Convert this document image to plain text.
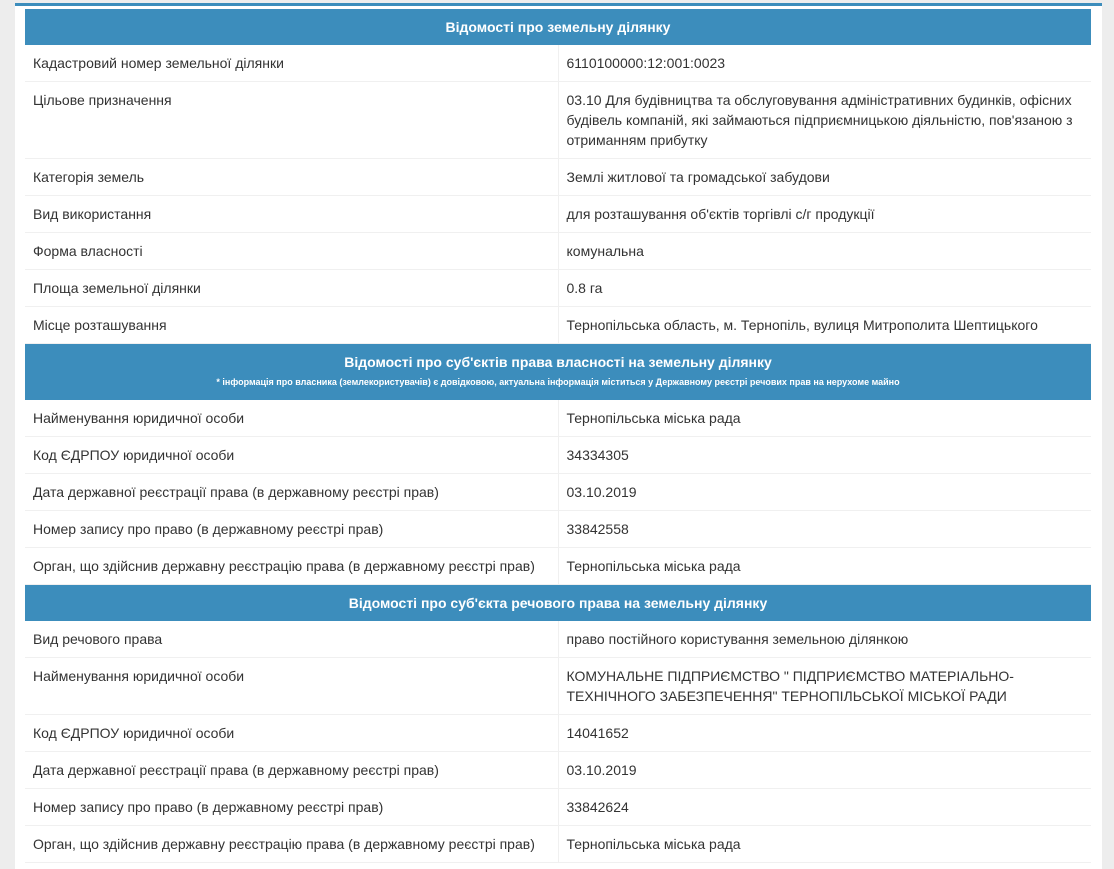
Відомості про земельну ділянку	
Кадастровий номер земельної ділянки	6110100000:12:001:0023
Цільове призначення	03.10 Для будівництва та обслуговування адміністративних будинків, офісних будівель компаній, які займаються підприємницькою діяльністю, пов'язаною з отриманням прибутку
Категорія земель	Землі житлової та громадської забудови
Вид використання	для розташування об'єктів торгівлі с/г продукції
Форма власності	комунальна
Площа земельної ділянки	0.8 га
Місце розташування	Тернопільська область, м. Тернопіль, вулиця Митрополита Шептицького
Відомості про суб'єктів права власності на земельну ділянку
* інформація про власника (землекористувачів) є довідковою, актуальна інформація міститься у Державному реєстрі речових прав на нерухоме майно	

Найменування юридичної особи	Тернопільська міська рада
Код ЄДРПОУ юридичної особи	34334305
Дата державної реєстрації права (в державному реєстрі прав)	03.10.2019
Номер запису про право (в державному реєстрі прав)	33842558
Орган, що здійснив державну реєстрацію права (в державному реєстрі прав)	Тернопільська міська рада
Відомості про суб'єкта речового права на земельну ділянку	
Вид речового права	право постійного користування земельною ділянкою
Найменування юридичної особи	КОМУНАЛЬНЕ ПІДПРИЄМСТВО " ПІДПРИЄМСТВО МАТЕРІАЛЬНО-ТЕХНІЧНОГО ЗАБЕЗПЕЧЕННЯ" ТЕРНОПІЛЬСЬКОЇ МІСЬКОЇ РАДИ
Код ЄДРПОУ юридичної особи	14041652
Дата державної реєстрації права (в державному реєстрі прав)	03.10.2019
Номер запису про право (в державному реєстрі прав)	33842624
Орган, що здійснив державну реєстрацію права (в державному реєстрі прав)	Тернопільська міська рада
